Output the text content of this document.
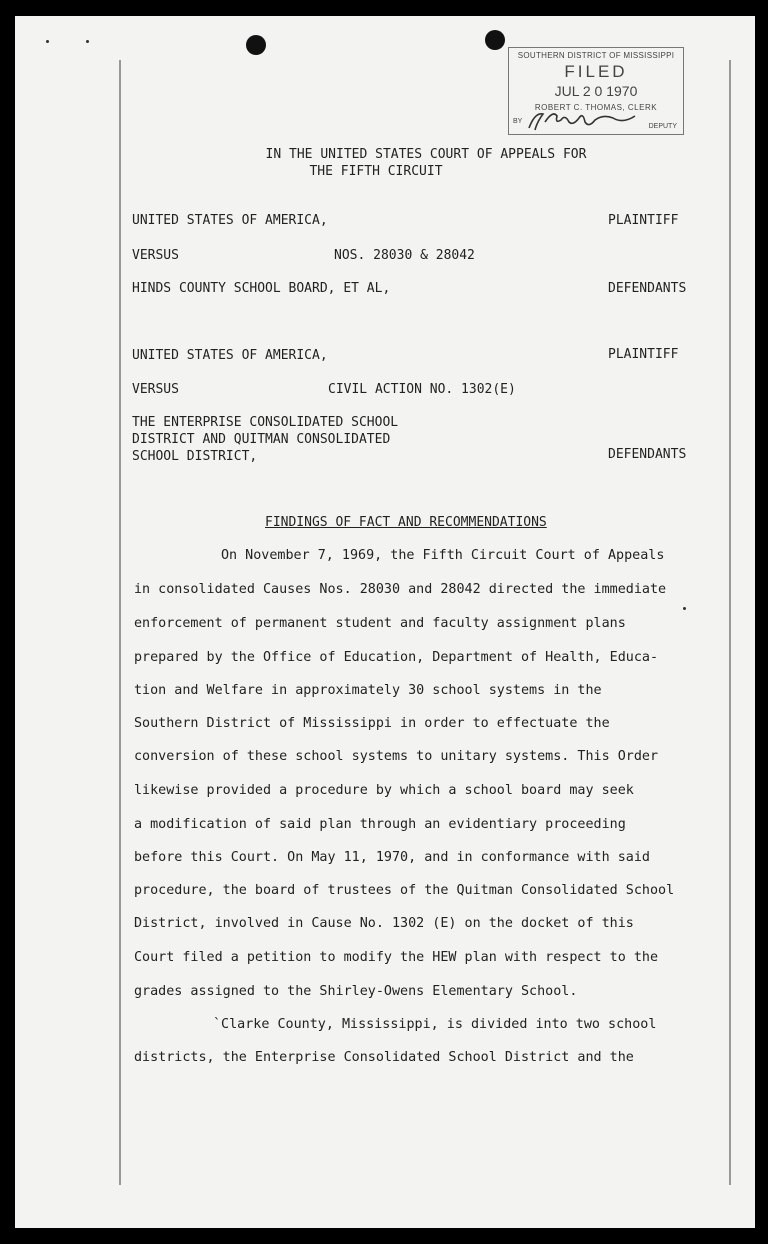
SOUTHERN DISTRICT OF MISSISSIPPI
FILED
JUL 2 0 1970
ROBERT C. THOMAS, CLERK
BY
DEPUTY
IN THE UNITED STATES COURT OF APPEALS FOR
THE FIFTH CIRCUIT
UNITED STATES OF AMERICA,	PLAINTIFF
VERSUS	NOS. 28030 & 28042
HINDS COUNTY SCHOOL BOARD, ET AL,	DEFENDANTS
UNITED STATES OF AMERICA,	PLAINTIFF
VERSUS	CIVIL ACTION NO. 1302(E)
THE ENTERPRISE CONSOLIDATED SCHOOL
DISTRICT AND QUITMAN CONSOLIDATED
SCHOOL DISTRICT,	DEFENDANTS
FINDINGS OF FACT AND RECOMMENDATIONS
On November 7, 1969, the Fifth Circuit Court of Appeals
in consolidated Causes Nos. 28030 and 28042 directed the immediate
enforcement of permanent student and faculty assignment plans
prepared by the Office of Education, Department of Health, Educa-
tion and Welfare in approximately 30 school systems in the
Southern District of Mississippi in order to effectuate the
conversion of these school systems to unitary systems. This Order
likewise provided a procedure by which a school board may seek
a modification of said plan through an evidentiary proceeding
before this Court. On May 11, 1970, and in conformance with said
procedure, the board of trustees of the Quitman Consolidated School
District, involved in Cause No. 1302 (E) on the docket of this
Court filed a petition to modify the HEW plan with respect to the
grades assigned to the Shirley-Owens Elementary School.
`Clarke County, Mississippi, is divided into two school
districts, the Enterprise Consolidated School District and the
